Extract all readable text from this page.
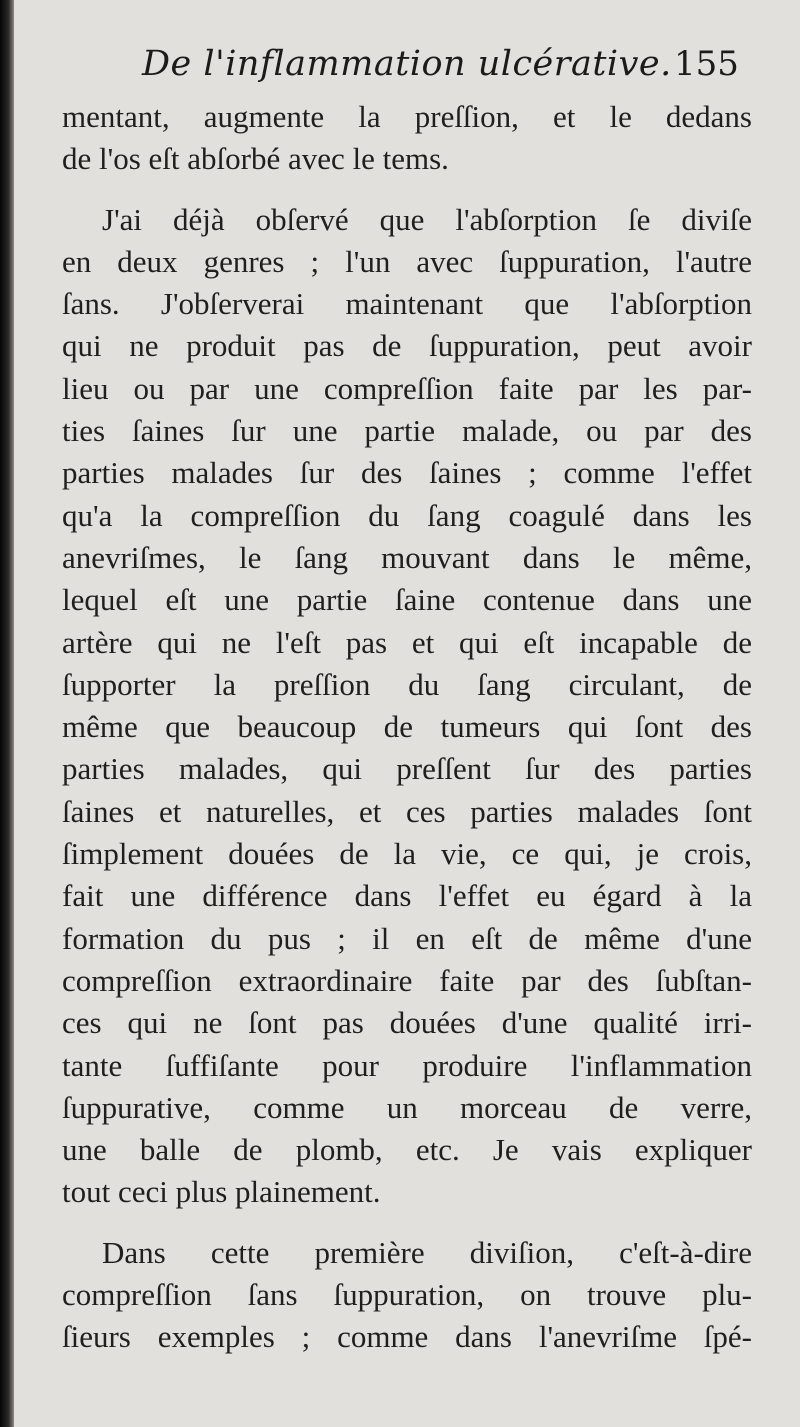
De l'inflammation ulcérative. 155
mentant, augmente la preſſion, et le dedans
de l'os eſt abſorbé avec le tems.
J'ai déjà obſervé que l'abſorption ſe diviſe
en deux genres ; l'un avec ſuppuration, l'autre
ſans. J'obſerverai maintenant que l'abſorption
qui ne produit pas de ſuppuration, peut avoir
lieu ou par une compreſſion faite par les par-
ties ſaines ſur une partie malade, ou par des
parties malades ſur des ſaines ; comme l'effet
qu'a la compreſſion du ſang coagulé dans les
anevriſmes, le ſang mouvant dans le même,
lequel eſt une partie ſaine contenue dans une
artère qui ne l'eſt pas et qui eſt incapable de
ſupporter la preſſion du ſang circulant, de
même que beaucoup de tumeurs qui ſont des
parties malades, qui preſſent ſur des parties
ſaines et naturelles, et ces parties malades ſont
ſimplement douées de la vie, ce qui, je crois,
fait une différence dans l'effet eu égard à la
formation du pus ; il en eſt de même d'une
compreſſion extraordinaire faite par des ſubſtan-
ces qui ne ſont pas douées d'une qualité irri-
tante ſuffiſante pour produire l'inflammation
ſuppurative, comme un morceau de verre,
une balle de plomb, etc. Je vais expliquer
tout ceci plus plainement.
Dans cette première diviſion, c'eſt-à-dire
compreſſion ſans ſuppuration, on trouve plu-
ſieurs exemples ; comme dans l'anevriſme ſpé-
